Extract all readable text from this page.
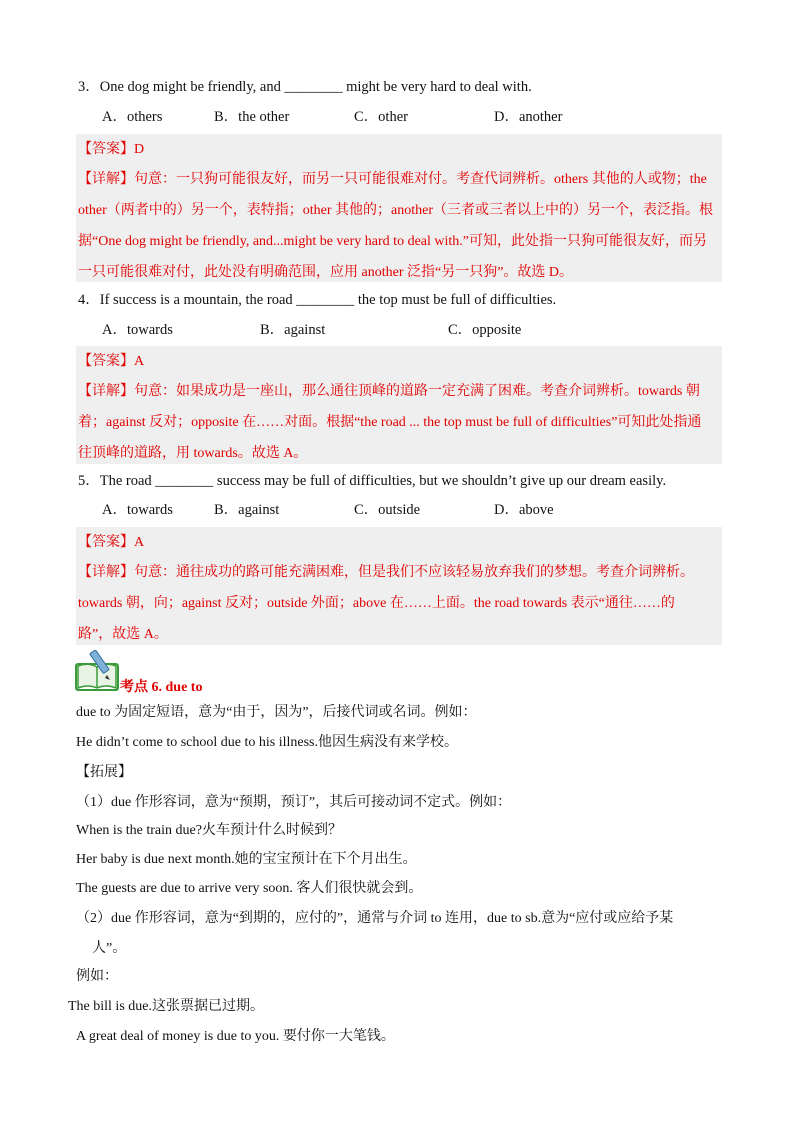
3．One dog might be friendly, and ________ might be very hard to deal with.
A．others	B．the other	C．other	D．another
【答案】D
【详解】句意：一只狗可能很友好，而另一只可能很难对付。考查代词辨析。others 其他的人或物；the
other（两者中的）另一个，表特指；other 其他的；another（三者或三者以上中的）另一个，表泛指。根
据“One dog might be friendly, and...might be very hard to deal with.”可知，此处指一只狗可能很友好，而另
一只可能很难对付，此处没有明确范围，应用 another 泛指“另一只狗”。故选 D。
4．If success is a mountain, the road ________ the top must be full of difficulties.
A．towards	B．against	C．opposite
【答案】A
【详解】句意：如果成功是一座山，那么通往顶峰的道路一定充满了困难。考查介词辨析。towards 朝
着；against 反对；opposite 在……对面。根据“the road ... the top must be full of difficulties”可知此处指通
往顶峰的道路，用 towards。故选 A。
5．The road ________ success may be full of difficulties, but we shouldn’t give up our dream easily.
A．towards	B．against	C．outside	D．above
【答案】A
【详解】句意：通往成功的路可能充满困难，但是我们不应该轻易放弃我们的梦想。考查介词辨析。
towards 朝，向；against 反对；outside 外面；above 在……上面。the road towards 表示“通往……的
路”，故选 A。
考点 6. due to
due to 为固定短语，意为“由于，因为”，后接代词或名词。例如：
He didn’t come to school due to his illness.他因生病没有来学校。
【拓展】
（1）due 作形容词，意为“预期，预订”，其后可接动词不定式。例如：
When is the train due?火车预计什么时候到？
Her baby is due next month.她的宝宝预计在下个月出生。
The guests are due to arrive very soon. 客人们很快就会到。
（2）due 作形容词，意为“到期的，应付的”，通常与介词 to 连用，due to sb.意为“应付或应给予某
人”。
例如：
The bill is due.这张票据已过期。
A great deal of money is due to you. 要付你一大笔钱。
